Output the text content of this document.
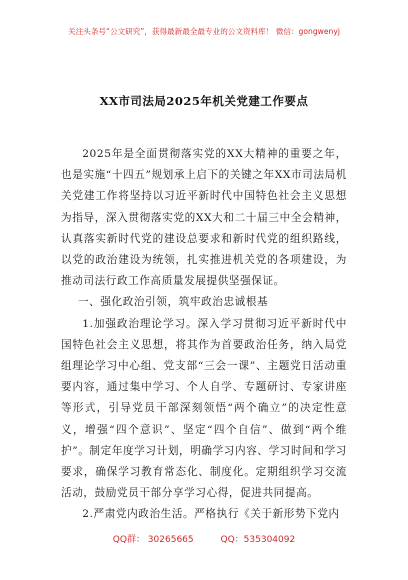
关注头条号“公文研究”，获得最新最全最专业的公文资料库！ 微信：gongwenyj
XX市司法局2025年机关党建工作要点

2025年是全面贯彻落实党的XX大精神的重要之年，也是实施“十四五”规划承上启下的关键之年XX市司法局机关党建工作将坚持以习近平新时代中国特色社会主义思想为指导，深入贯彻落实党的XX大和二十届三中全会精神，认真落实新时代党的建设总要求和新时代党的组织路线，以党的政治建设为统领，扎实推进机关党的各项建设，为推动司法行政工作高质量发展提供坚强保证。

一、强化政治引领，筑牢政治忠诚根基

1.加强政治理论学习。深入学习贯彻习近平新时代中国特色社会主义思想，将其作为首要政治任务，纳入局党组理论学习中心组、党支部“三会一课”、主题党日活动重要内容，通过集中学习、个人自学、专题研讨、专家讲座等形式，引导党员干部深刻领悟“两个确立”的决定性意义，增强“四个意识”、坚定“四个自信”、做到“两个维护”。制定年度学习计划，明确学习内容、学习时间和学习要求，确保学习教育常态化、制度化。定期组织学习交流活动，鼓励党员干部分享学习心得，促进共同提高。

2.严肃党内政治生活。严格执行《关于新形势下党内

QQ群： 30265665	QQ：535304092
